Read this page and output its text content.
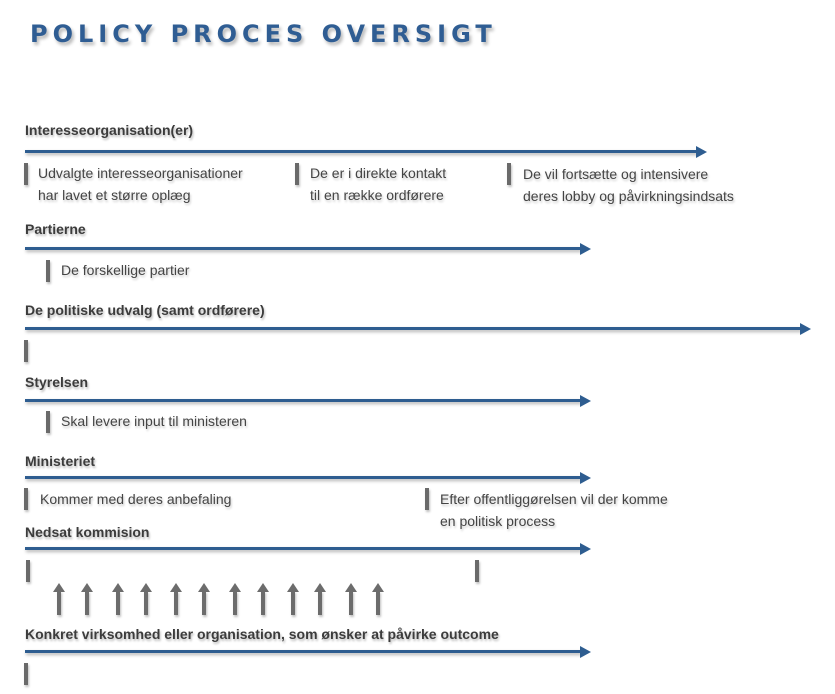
POLICY PROCES OVERSIGT
Interesseorganisation(er)
Udvalgte interesseorganisationer
har lavet et større oplæg
De er i direkte kontakt
til en række ordførere
De vil fortsætte og intensivere
deres lobby og påvirkningsindsats
Partierne
De forskellige partier
De politiske udvalg (samt ordførere)
Styrelsen
Skal levere input til ministeren
Ministeriet
Kommer med deres anbefaling	Efter offentliggørelsen vil der komme
en politisk process
Nedsat kommision
Konkret virksomhed eller organisation, som ønsker at påvirke outcome
